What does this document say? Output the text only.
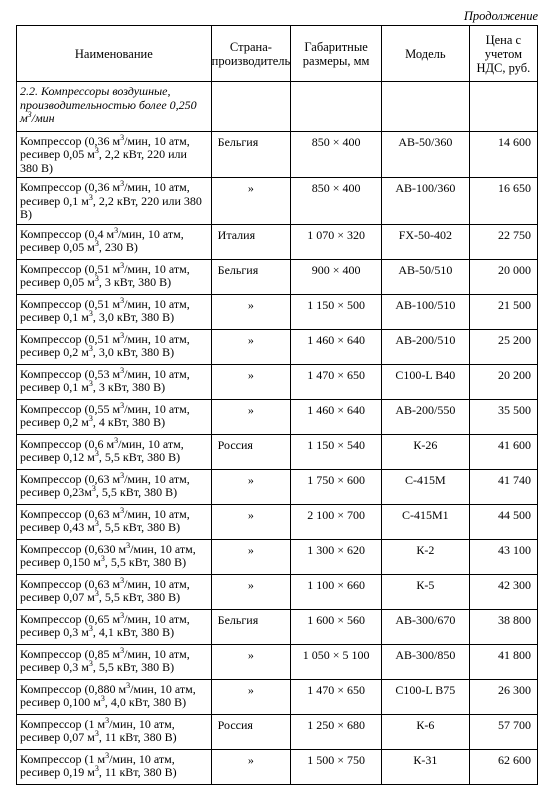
Продолжение
Наименование	Страна-производитель	Габаритные размеры, мм	Модель	Цена с учетом НДС, руб.
2.2. Компрессоры воздушные, производительностью более 0,250 $м^3$/мин				
Компрессор (0,36 $м^3$/мин, 10 атм, ресивер 0,05 $м^3$, 2,2 кВт, 220 или 380 В)	Бельгия	850 × 400	AB-50/360	14 600
Компрессор (0,36 $м^3$/мин, 10 атм, ресивер 0,1 $м^3$, 2,2 кВт, 220 или 380 В)	»	850 × 400	AB-100/360	16 650
Компрессор (0,4 $м^3$/мин, 10 атм, ресивер 0,05 $м^3$, 230 В)	Италия	1 070 × 320	FX-50-402	22 750
Компрессор (0,51 $м^3$/мин, 10 атм, ресивер 0,05 $м^3$, 3 кВт, 380 В)	Бельгия	900 × 400	AB-50/510	20 000
Компрессор (0,51 $м^3$/мин, 10 атм, ресивер 0,1 $м^3$, 3,0 кВт, 380 В)	»	1 150 × 500	AB-100/510	21 500
Компрессор (0,51 $м^3$/мин, 10 атм, ресивер 0,2 $м^3$, 3,0 кВт, 380 В)	»	1 460 × 640	AB-200/510	25 200
Компрессор (0,53 $м^3$/мин, 10 атм, ресивер 0,1 $м^3$, 3 кВт, 380 В)	»	1 470 × 650	C100-L B40	20 200
Компрессор (0,55 $м^3$/мин, 10 атм, ресивер 0,2 $м^3$, 4 кВт, 380 В)	»	1 460 × 640	AB-200/550	35 500
Компрессор (0,6 $м^3$/мин, 10 атм, ресивер 0,12 $м^3$, 5,5 кВт, 380 В)	Россия	1 150 × 540	К-26	41 600
Компрессор (0,63 $м^3$/мин, 10 атм, ресивер $0,23м^3$, 5,5 кВт, 380 В)	»	1 750 × 600	С-415М	41 740
Компрессор (0,63 $м^3$/мин, 10 атм, ресивер 0,43 $м^3$, 5,5 кВт, 380 В)	»	2 100 × 700	С-415М1	44 500
Компрессор (0,630 $м^3$/мин, 10 атм, ресивер 0,150 $м^3$, 5,5 кВт, 380 В)	»	1 300 × 620	К-2	43 100
Компрессор (0,63 $м^3$/мин, 10 атм, ресивер 0,07 $м^3$, 5,5 кВт, 380 В)	»	1 100 × 660	К-5	42 300
Компрессор (0,65 $м^3$/мин, 10 атм, ресивер 0,3 $м^3$, 4,1 кВт, 380 В)	Бельгия	1 600 × 560	AB-300/670	38 800
Компрессор (0,85 $м^3$/мин, 10 атм, ресивер 0,3 $м^3$, 5,5 кВт, 380 В)	»	1 050 × 5 100	AB-300/850	41 800
Компрессор (0,880 $м^3$/мин, 10 атм, ресивер 0,100 $м^3$, 4,0 кВт, 380 В)	»	1 470 × 650	C100-L B75	26 300
Компрессор (1 $м^3$/мин, 10 атм, ресивер 0,07 $м^3$, 11 кВт, 380 В)	Россия	1 250 × 680	К-6	57 700
Компрессор (1 $м^3$/мин, 10 атм, ресивер 0,19 $м^3$, 11 кВт, 380 В)	»	1 500 × 750	К-31	62 600
